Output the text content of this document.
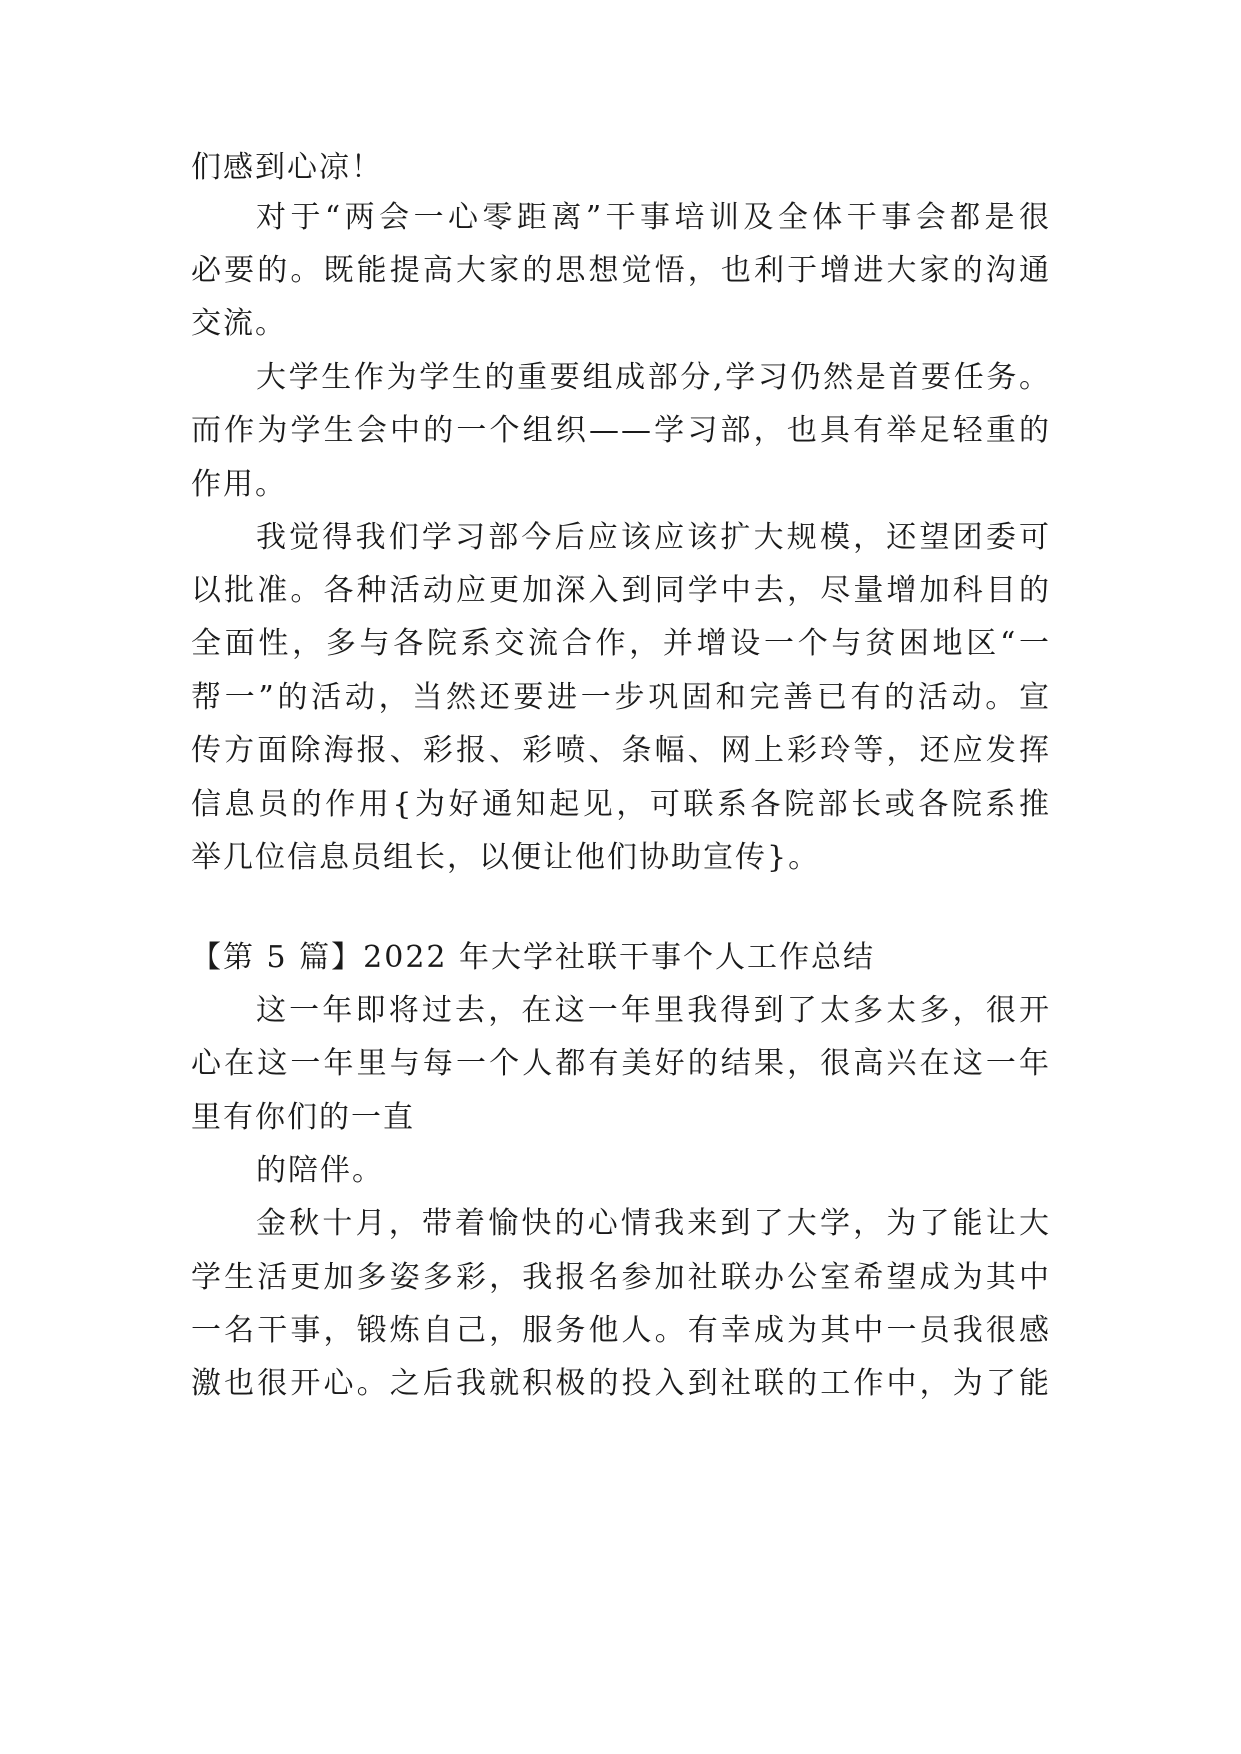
们感到心凉！
对于“两会一心零距离”干事培训及全体干事会都是很
必要的。既能提高大家的思想觉悟，也利于增进大家的沟通
交流。
大学生作为学生的重要组成部分,学习仍然是首要任务。
而作为学生会中的一个组织——学习部，也具有举足轻重的
作用。
我觉得我们学习部今后应该应该扩大规模，还望团委可
以批准。各种活动应更加深入到同学中去，尽量增加科目的
全面性，多与各院系交流合作，并增设一个与贫困地区“一
帮一”的活动，当然还要进一步巩固和完善已有的活动。宣
传方面除海报、彩报、彩喷、条幅、网上彩玲等，还应发挥
信息员的作用{为好通知起见，可联系各院部长或各院系推
举几位信息员组长，以便让他们协助宣传}。
【第 5 篇】2022 年大学社联干事个人工作总结
这一年即将过去，在这一年里我得到了太多太多，很开
心在这一年里与每一个人都有美好的结果，很高兴在这一年
里有你们的一直
的陪伴。
金秋十月，带着愉快的心情我来到了大学，为了能让大
学生活更加多姿多彩，我报名参加社联办公室希望成为其中
一名干事，锻炼自己，服务他人。有幸成为其中一员我很感
激也很开心。之后我就积极的投入到社联的工作中，为了能
